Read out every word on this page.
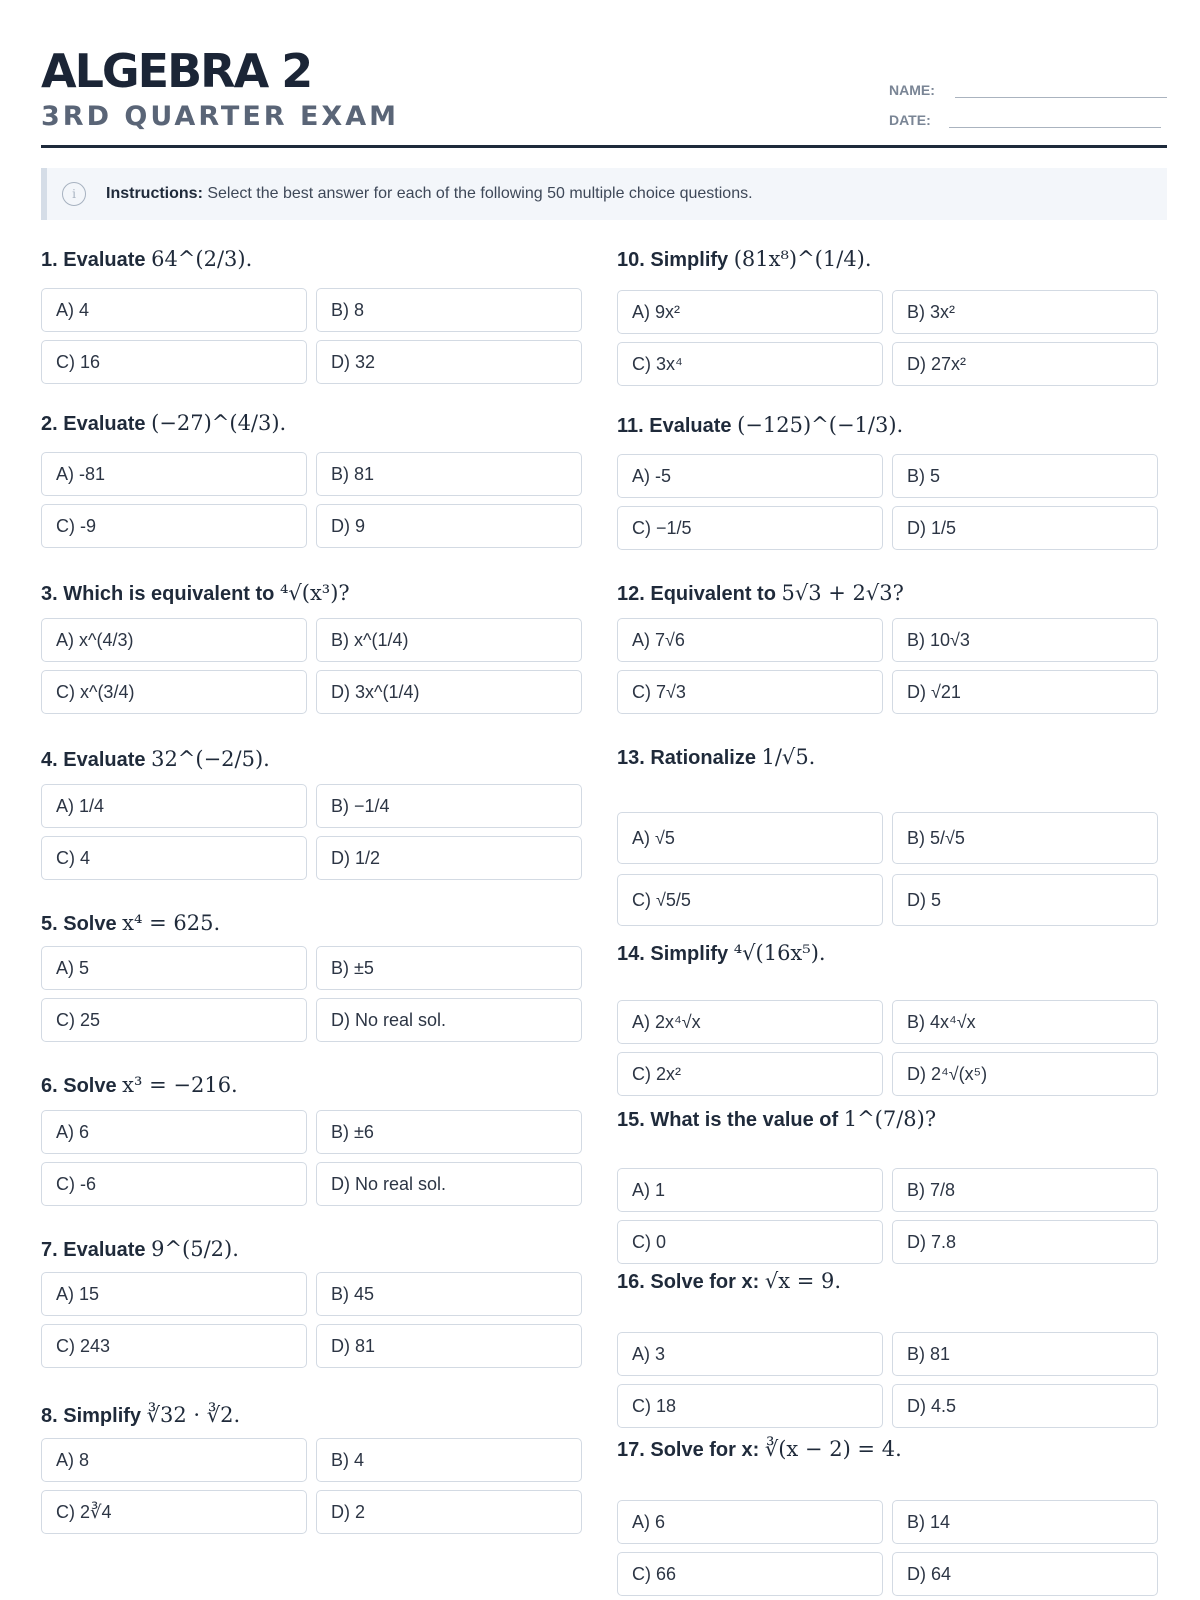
ALGEBRA 2
3RD QUARTER EXAM
NAME:
DATE:
i	Instructions: Select the best answer for each of the following 50 multiple choice questions.
1. Evaluate 64^(2/3).
A) 4	B) 8
C) 16	D) 32
2. Evaluate (−27)^(4/3).
A) -81	B) 81
C) -9	D) 9
3. Which is equivalent to ⁴√(x³)?
A) x^(4/3)	B) x^(1/4)
C) x^(3/4)	D) 3x^(1/4)
4. Evaluate 32^(−2/5).
A) 1/4	B) −1/4
C) 4	D) 1/2
5. Solve x⁴ = 625.
A) 5	B) ±5
C) 25	D) No real sol.
6. Solve x³ = −216.
A) 6	B) ±6
C) -6	D) No real sol.
7. Evaluate 9^(5/2).
A) 15	B) 45
C) 243	D) 81
8. Simplify ∛32 · ∛2.
A) 8	B) 4
C) 2∛4	D) 2
10. Simplify (81x⁸)^(1/4).
A) 9x²	B) 3x²
C) 3x⁴	D) 27x²
11. Evaluate (−125)^(−1/3).
A) -5	B) 5
C) −1/5	D) 1/5
12. Equivalent to 5√3 + 2√3?
A) 7√6	B) 10√3
C) 7√3	D) √21
13. Rationalize 1/√5.
A) √5	B) 5/√5
C) √5/5	D) 5
14. Simplify ⁴√(16x⁵).
A) 2x⁴√x	B) 4x⁴√x
C) 2x²	D) 2⁴√(x⁵)
15. What is the value of 1^(7/8)?
A) 1	B) 7/8
C) 0	D) 7.8
16. Solve for x: √x = 9.
A) 3	B) 81
C) 18	D) 4.5
17. Solve for x: ∛(x − 2) = 4.
A) 6	B) 14
C) 66	D) 64
